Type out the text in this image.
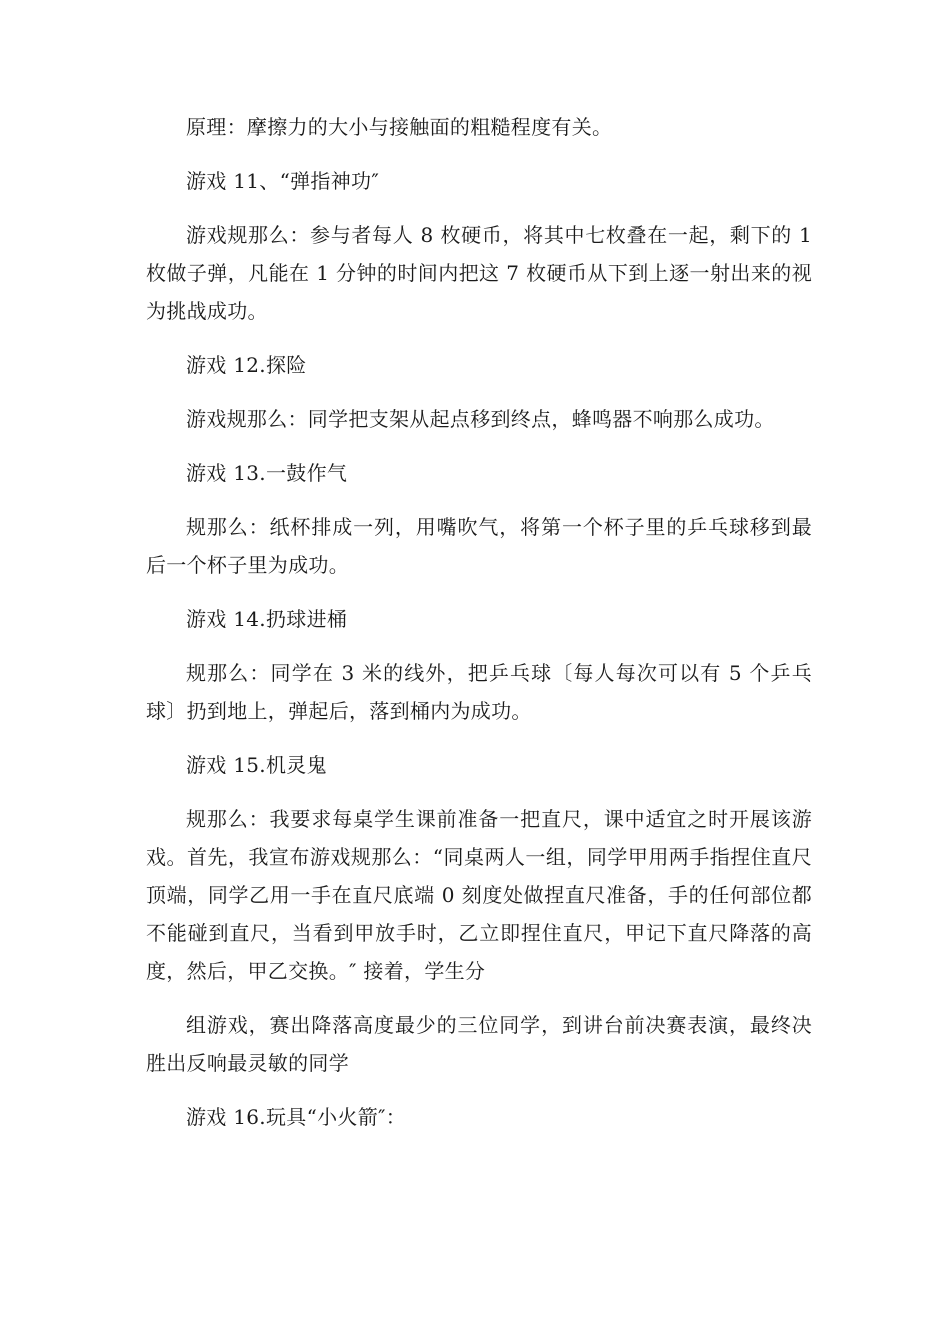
原理：摩擦力的大小与接触面的粗糙程度有关。

游戏 11、“弹指神功″

游戏规那么：参与者每人 8 枚硬币，将其中七枚叠在一起，剩下的 1 枚做子弹，凡能在 1 分钟的时间内把这 7 枚硬币从下到上逐一射出来的视为挑战成功。

游戏 12.探险

游戏规那么：同学把支架从起点移到终点，蜂鸣器不响那么成功。

游戏 13.一鼓作气

规那么：纸杯排成一列，用嘴吹气，将第一个杯子里的乒乓球移到最后一个杯子里为成功。

游戏 14.扔球进桶

规那么：同学在 3 米的线外，把乒乓球〔每人每次可以有 5 个乒乓球〕扔到地上，弹起后，落到桶内为成功。

游戏 15.机灵鬼

规那么：我要求每桌学生课前准备一把直尺，课中适宜之时开展该游戏。首先，我宣布游戏规那么：“同桌两人一组，同学甲用两手指捏住直尺顶端，同学乙用一手在直尺底端 0 刻度处做捏直尺准备，手的任何部位都不能碰到直尺，当看到甲放手时，乙立即捏住直尺，甲记下直尺降落的高度，然后，甲乙交换。″ 接着，学生分

组游戏，赛出降落高度最少的三位同学，到讲台前决赛表演，最终决胜出反响最灵敏的同学

游戏 16.玩具“小火箭″：
